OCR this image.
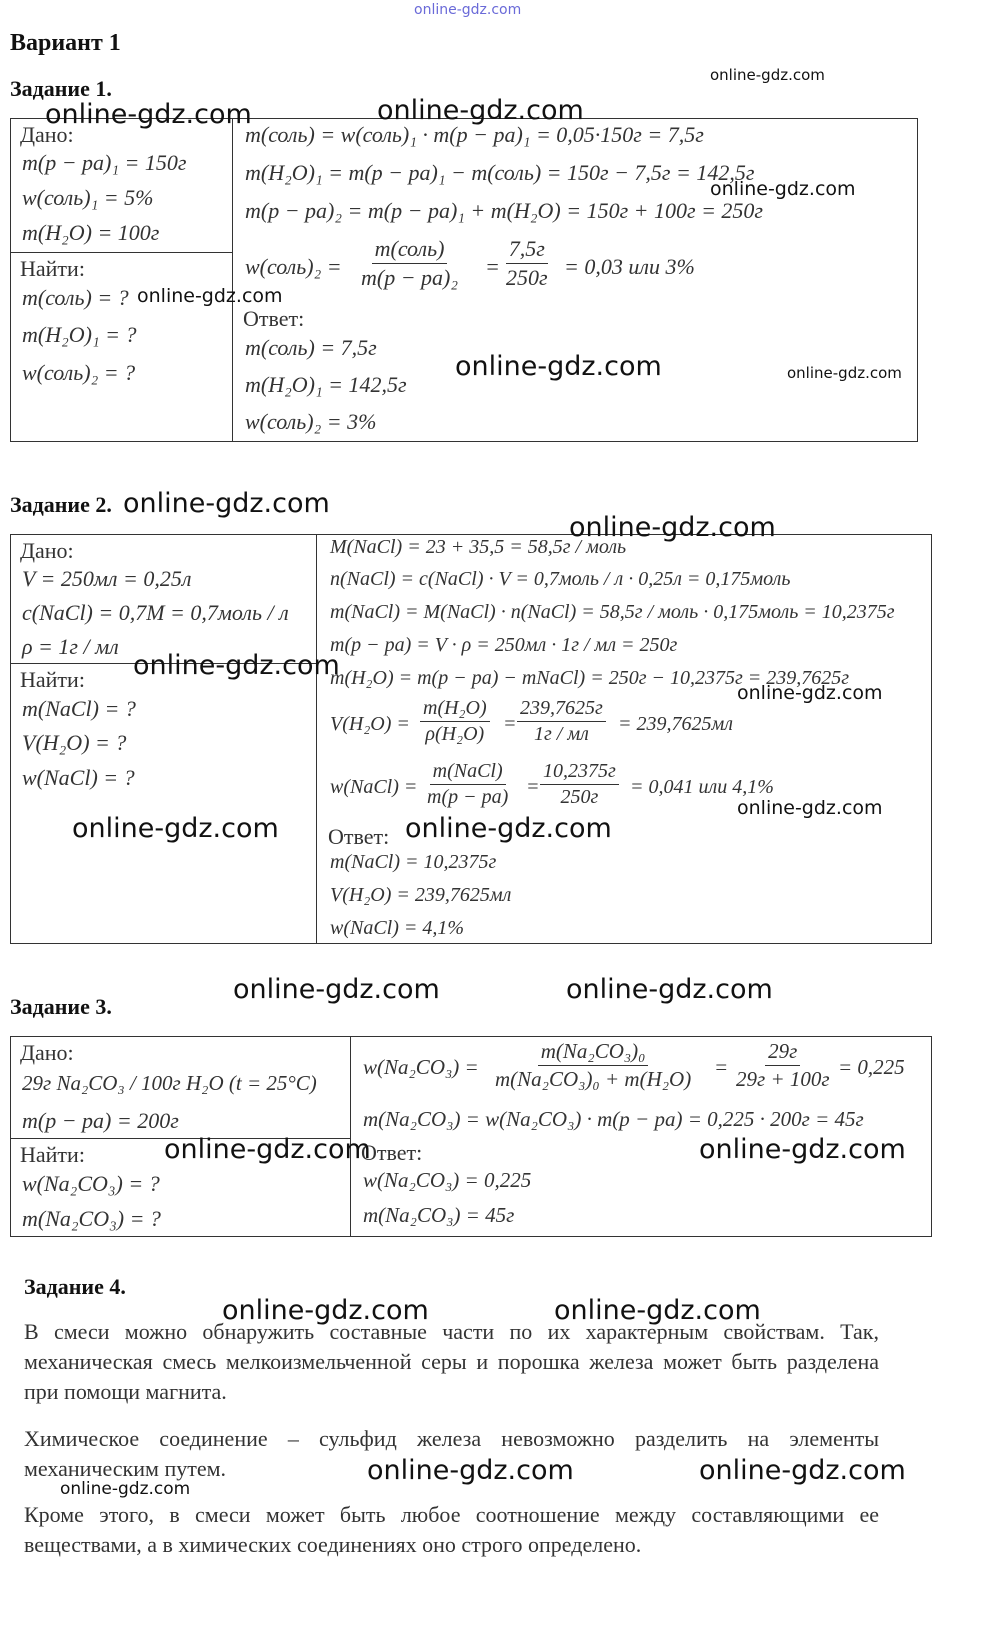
online-gdz.com
Вариант 1
Задание 1.
Дано:
m(p − pa)₁ = 150г
w(соль)₁ = 5%
m(H₂O) = 100г
Найти:
m(соль) = ?
m(H₂O)₁ = ?
w(соль)₂ = ?
m(соль) = w(соль)₁ · m(p − pa)₁ = 0,05·150г = 7,5г
m(H₂O)₁ = m(p − pa)₁ − m(соль) = 150г − 7,5г = 142,5г
m(p − pa)₂ = m(p − pa)₁ + m(H₂O) = 150г + 100г = 250г
w(соль)₂ =
m(соль)
m(p − pa)₂ =
7,5г
250г = 0,03 или 3%
Ответ:
m(соль) = 7,5г
m(H₂O)₁ = 142,5г
w(соль)₂ = 3%
Задание 2.
Дано:
V = 250мл = 0,25л
c(NaCl) = 0,7M = 0,7моль / л
ρ = 1г / мл
Найти:
m(NaCl) = ?
V(H₂O) = ?
w(NaCl) = ?
M(NaCl) = 23 + 35,5 = 58,5г / моль
n(NaCl) = c(NaCl) · V = 0,7моль / л · 0,25л = 0,175моль
m(NaCl) = M(NaCl) · n(NaCl) = 58,5г / моль · 0,175моль = 10,2375г
m(p − pa) = V · ρ = 250мл · 1г / мл = 250г
m(H₂O) = m(p − pa) − mNaCl) = 250г − 10,2375г = 239,7625г
$V(H_2O) = \frac{\text{m(H₂O)}}{\text{ρ(H₂O)}}$ =
239,7625г
1г / мл = 239,7625мл
w(NaCl) =
m(NaCl)
m(p − pa) =
10,2375г
250г = 0,041 или 4,1%
Ответ:
m(NaCl) = 10,2375г
V(H₂O) = 239,7625мл
w(NaCl) = 4,1%
Задание 3.
Дано:
29г Na₂CO₃ / 100г H₂O (t = 25°C)
m(p − pa) = 200г
Найти:
w(Na₂CO₃) = ?
m(Na₂CO₃) = ?
$w(Na_2CO_3) = \frac{\text{m(Na₂CO₃)₀}}{\text{m(Na₂CO₃)₀ + m(H₂O)}}$ =
29г
29г + 100г = 0,225
m(Na₂CO₃) = w(Na₂CO₃) · m(p − pa) = 0,225 · 200г = 45г
Ответ:
w(Na₂CO₃) = 0,225
m(Na₂CO₃) = 45г
Задание 4.
В смеси можно обнаружить составные части по их характерным свойствам. Так, механическая смесь мелкоизмельченной серы и порошка железа может быть разделена при помощи магнита.
Химическое соединение – сульфид железа невозможно разделить на элементы механическим путем.
Кроме этого, в смеси может быть любое соотношение между составляющими ее веществами, а в химических соединениях оно строго определено.
online-gdz.com
online-gdz.com	online-gdz.com
online-gdz.com
online-gdz.com
online-gdz.com	online-gdz.com
online-gdz.com
online-gdz.com
online-gdz.com
online-gdz.com
online-gdz.com
online-gdz.com	online-gdz.com
online-gdz.com	online-gdz.com
online-gdz.com	online-gdz.com
online-gdz.com	online-gdz.com
online-gdz.com	online-gdz.com
online-gdz.com
